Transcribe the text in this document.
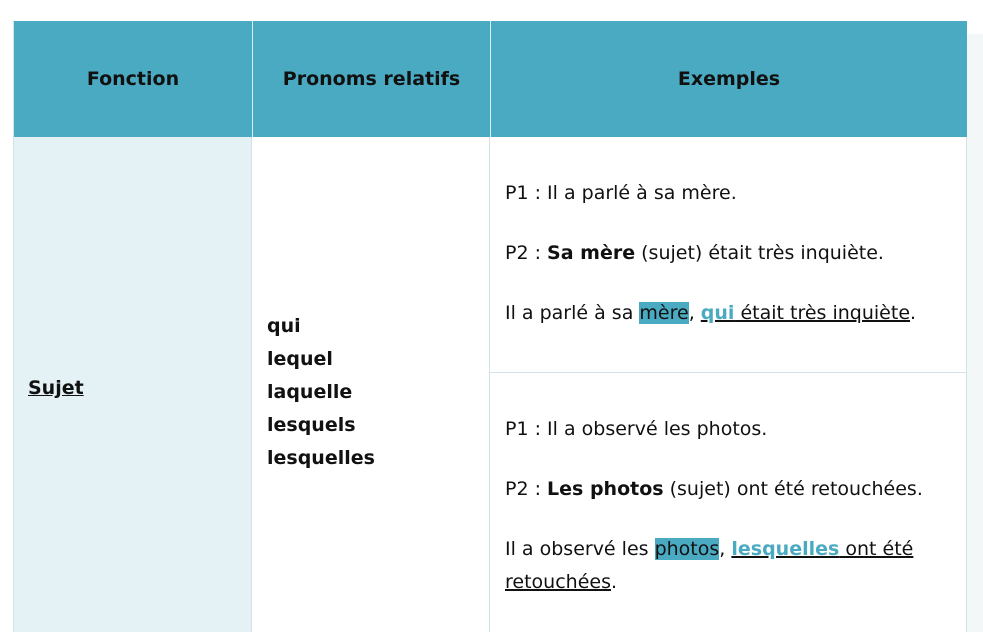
Fonction	Pronoms relatifs	Exemples
Sujet
qui
lequel
laquelle
lesquels
lesquelles

P1 : Il a parlé à sa mère.

P2 : Sa mère (sujet) était très inquiète.

Il a parlé à sa mère, qui était très inquiète.

P1 : Il a observé les photos.

P2 : Les photos (sujet) ont été retouchées.

Il a observé les photos, lesquelles ont été

retouchées.
